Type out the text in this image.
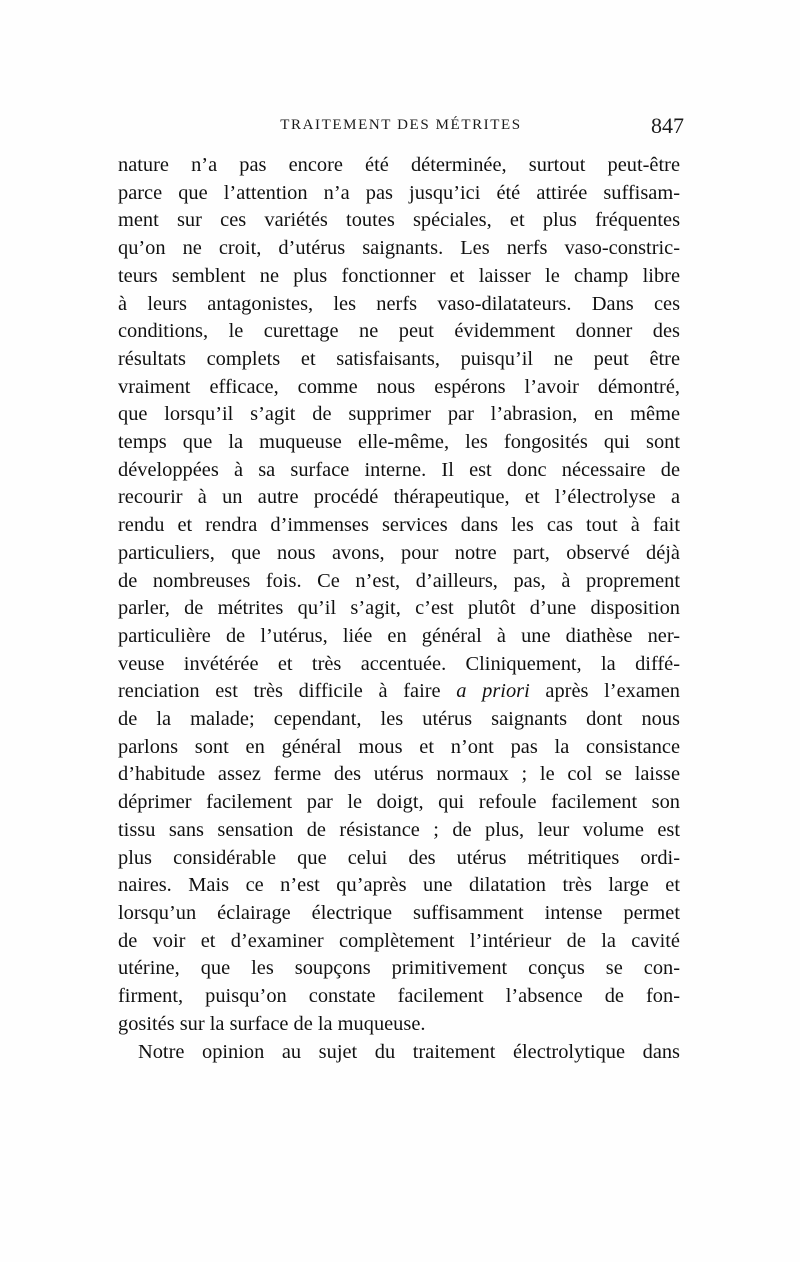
TRAITEMENT DES MÉTRITES	847
nature n’a pas encore été déterminée, surtout peut-être
parce que l’attention n’a pas jusqu’ici été attirée suffisam-
ment sur ces variétés toutes spéciales, et plus fréquentes
qu’on ne croit, d’utérus saignants. Les nerfs vaso-constric-
teurs semblent ne plus fonctionner et laisser le champ libre
à leurs antagonistes, les nerfs vaso-dilatateurs. Dans ces
conditions, le curettage ne peut évidemment donner des
résultats complets et satisfaisants, puisqu’il ne peut être
vraiment efficace, comme nous espérons l’avoir démontré,
que lorsqu’il s’agit de supprimer par l’abrasion, en même
temps que la muqueuse elle-même, les fongosités qui sont
développées à sa surface interne. Il est donc nécessaire de
recourir à un autre procédé thérapeutique, et l’électrolyse a
rendu et rendra d’immenses services dans les cas tout à fait
particuliers, que nous avons, pour notre part, observé déjà
de nombreuses fois. Ce n’est, d’ailleurs, pas, à proprement
parler, de métrites qu’il s’agit, c’est plutôt d’une disposition
particulière de l’utérus, liée en général à une diathèse ner-
veuse invétérée et très accentuée. Cliniquement, la diffé-
renciation est très difficile à faire a priori après l’examen
de la malade; cependant, les utérus saignants dont nous
parlons sont en général mous et n’ont pas la consistance
d’habitude assez ferme des utérus normaux ; le col se laisse
déprimer facilement par le doigt, qui refoule facilement son
tissu sans sensation de résistance ; de plus, leur volume est
plus considérable que celui des utérus métritiques ordi-
naires. Mais ce n’est qu’après une dilatation très large et
lorsqu’un éclairage électrique suffisamment intense permet
de voir et d’examiner complètement l’intérieur de la cavité
utérine, que les soupçons primitivement conçus se con-
firment, puisqu’on constate facilement l’absence de fon-
gosités sur la surface de la muqueuse.
Notre opinion au sujet du traitement électrolytique dans
